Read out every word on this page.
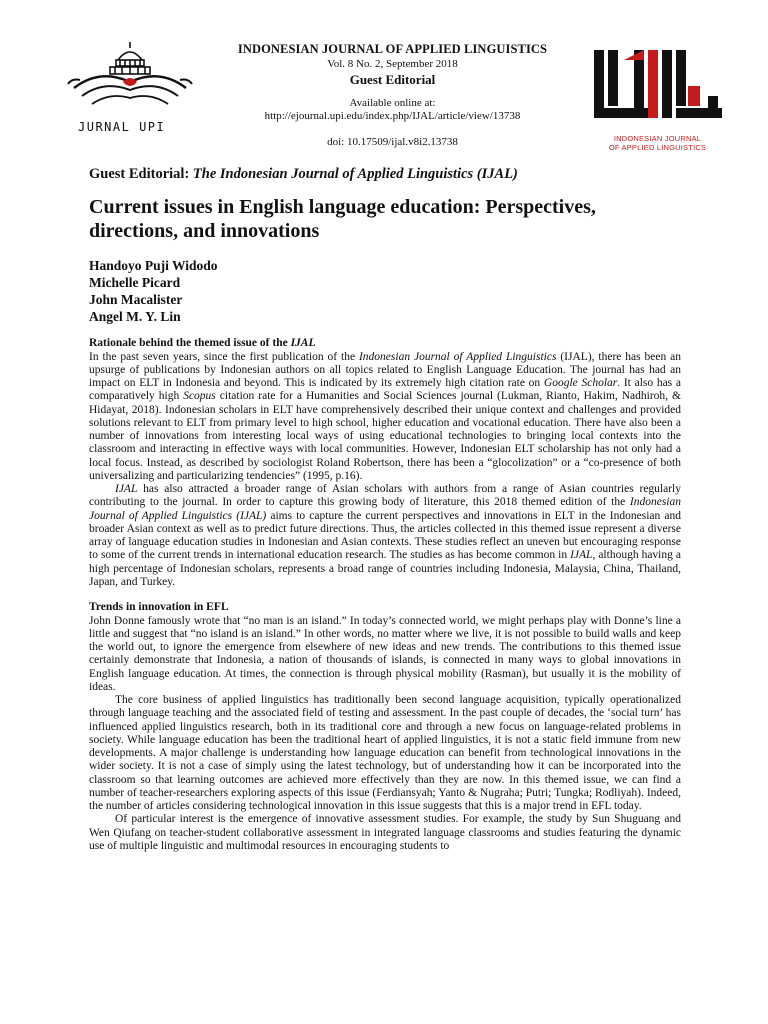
JURNAL UPI
INDONESIAN JOURNAL OF APPLIED LINGUISTICS
Vol. 8 No. 2, September 2018
Guest Editorial
Available online at:
http://ejournal.upi.edu/index.php/IJAL/article/view/13738
doi: 10.17509/ijal.v8i2.13738	INDONESIAN JOURNAL
OF APPLIED LINGUISTICS
Guest Editorial: The Indonesian Journal of Applied Linguistics (IJAL)
Current issues in English language education: Perspectives, directions, and innovations
Handoyo Puji Widodo
Michelle Picard
John Macalister
Angel M. Y. Lin
Rationale behind the themed issue of the IJAL

In the past seven years, since the first publication of the Indonesian Journal of Applied Linguistics (IJAL), there has been an upsurge of publications by Indonesian authors on all topics related to English Language Education. The journal has had an impact on ELT in Indonesia and beyond. This is indicated by its extremely high citation rate on Google Scholar. It also has a comparatively high Scopus citation rate for a Humanities and Social Sciences journal (Lukman, Rianto, Hakim, Nadhiroh, & Hidayat, 2018). Indonesian scholars in ELT have comprehensively described their unique context and challenges and provided solutions relevant to ELT from primary level to high school, higher education and vocational education. There have also been a number of innovations from interesting local ways of using educational technologies to bringing local contexts into the classroom and interacting in effective ways with local communities. However, Indonesian ELT scholarship has not only had a local focus. Instead, as described by sociologist Roland Robertson, there has been a “glocolization” or a “co-presence of both universalizing and particularizing tendencies” (1995, p.16).

IJAL has also attracted a broader range of Asian scholars with authors from a range of Asian countries regularly contributing to the journal. In order to capture this growing body of literature, this 2018 themed edition of the Indonesian Journal of Applied Linguistics (IJAL) aims to capture the current perspectives and innovations in ELT in the Indonesian and broader Asian context as well as to predict future directions. Thus, the articles collected in this themed issue represent a diverse array of language education studies in Indonesian and Asian contexts. These studies reflect an uneven but encouraging response to some of the current trends in international education research. The studies as has become common in IJAL, although having a high percentage of Indonesian scholars, represents a broad range of countries including Indonesia, Malaysia, China, Thailand, Japan, and Turkey.

Trends in innovation in EFL

John Donne famously wrote that “no man is an island.” In today’s connected world, we might perhaps play with Donne’s line a little and suggest that “no island is an island.” In other words, no matter where we live, it is not possible to build walls and keep the world out, to ignore the emergence from elsewhere of new ideas and new trends. The contributions to this themed issue certainly demonstrate that Indonesia, a nation of thousands of islands, is connected in many ways to global innovations in English language education. At times, the connection is through physical mobility (Rasman), but usually it is the mobility of ideas.

The core business of applied linguistics has traditionally been second language acquisition, typically operationalized through language teaching and the associated field of testing and assessment. In the past couple of decades, the ‘social turn’ has influenced applied linguistics research, both in its traditional core and through a new focus on language-related problems in society. While language education has been the traditional heart of applied linguistics, it is not a static field immune from new developments. A major challenge is understanding how language education can benefit from technological innovations in the wider society. It is not a case of simply using the latest technology, but of understanding how it can be incorporated into the classroom so that learning outcomes are achieved more effectively than they are now. In this themed issue, we can find a number of teacher-researchers exploring aspects of this issue (Ferdiansyah; Yanto & Nugraha; Putri; Tungka; Rodliyah). Indeed, the number of articles considering technological innovation in this issue suggests that this is a major trend in EFL today.

Of particular interest is the emergence of innovative assessment studies. For example, the study by Sun Shuguang and Wen Qiufang on teacher-student collaborative assessment in integrated language classrooms and studies featuring the dynamic use of multiple linguistic and multimodal resources in encouraging students to
